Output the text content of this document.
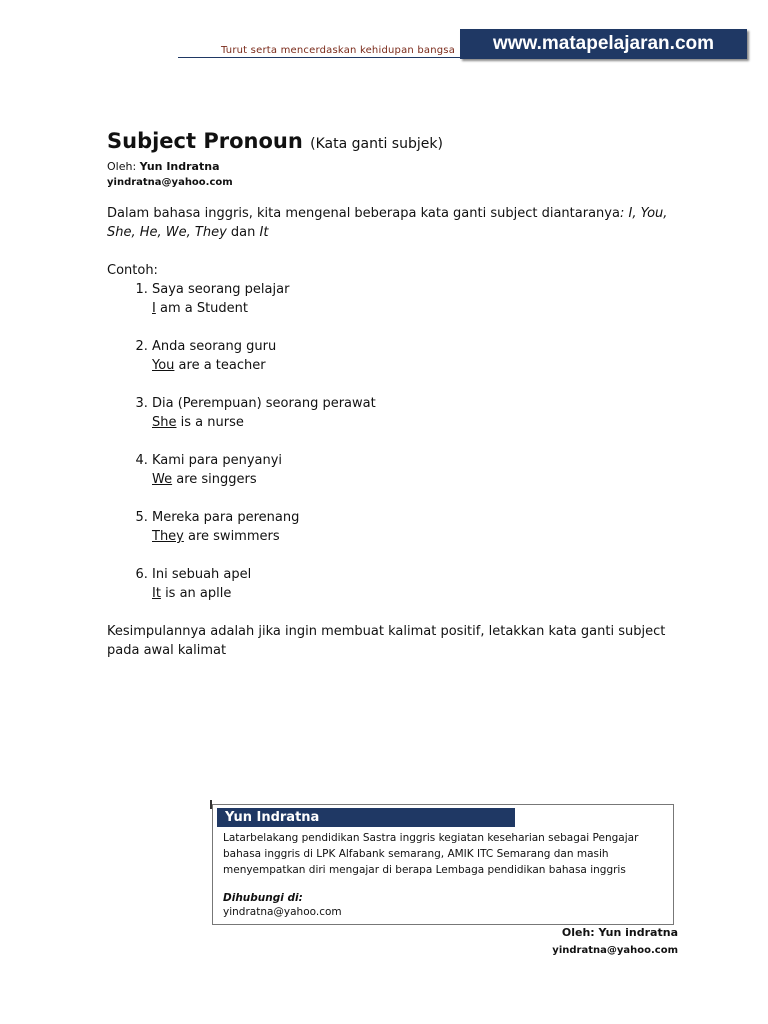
Turut serta mencerdaskan kehidupan bangsa www.matapelajaran.com
Subject Pronoun (Kata ganti subjek)
Oleh: Yun Indratna
yindratna@yahoo.com

Dalam bahasa inggris, kita mengenal beberapa kata ganti subject diantaranya: I, You, She, He, We, They dan It

Contoh:
1. Saya seorang pelajar
I am a Student
2. Anda seorang guru
You are a teacher
3. Dia (Perempuan) seorang perawat
She is a nurse
4. Kami para penyanyi
We are singgers
5. Mereka para perenang
They are swimmers
6. Ini sebuah apel
It is an aplle

Kesimpulannya adalah jika ingin membuat kalimat positif, letakkan kata ganti subject pada awal kalimat

Yun Indratna
Latarbelakang pendidikan Sastra inggris kegiatan keseharian sebagai Pengajar bahasa inggris di LPK Alfabank semarang, AMIK ITC Semarang dan masih menyempatkan diri mengajar di berapa Lembaga pendidikan bahasa inggris
Dihubungi di:
yindratna@yahoo.com
Oleh: Yun indratna
yindratna@yahoo.com
